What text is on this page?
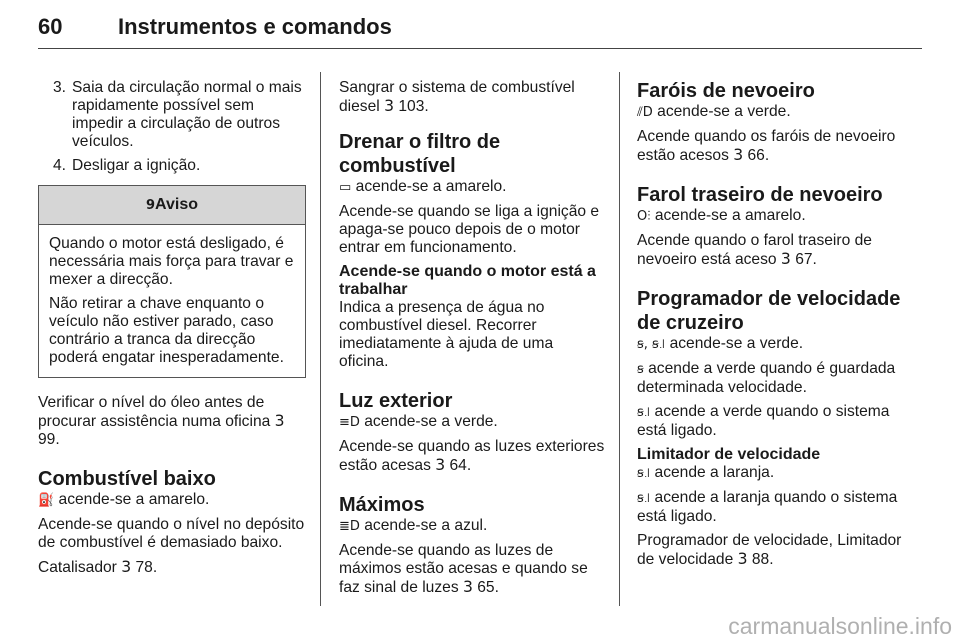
60	Instrumentos e comandos
3. Saia da circulação normal o mais rapidamente possível sem impedir a circulação de outros veículos.
4. Desligar a ignição.
9Aviso

Quando o motor está desligado, é necessária mais força para travar e mexer a direcção.

Não retirar a chave enquanto o veículo não estiver parado, caso contrário a tranca da direcção poderá engatar inesperadamente.

Verificar o nível do óleo antes de procurar assistência numa oficina 3 99.

Combustível baixo

⛽ acende-se a amarelo.

Acende-se quando o nível no depósito de combustível é demasiado baixo.

Catalisador 3 78.

Sangrar o sistema de combustível diesel 3 103.

Drenar o filtro de combustível

▭ acende-se a amarelo.

Acende-se quando se liga a ignição e apaga-se pouco depois de o motor entrar em funcionamento.

Acende-se quando o motor está a trabalhar

Indica a presença de água no combustível diesel. Recorrer imediatamente à ajuda de uma oficina.

Luz exterior

≡D acende-se a verde.

Acende-se quando as luzes exteriores estão acesas 3 64.

Máximos

≣D acende-se a azul.

Acende-se quando as luzes de máximos estão acesas e quando se faz sinal de luzes 3 65.

Faróis de nevoeiro

⫽D acende-se a verde.

Acende quando os faróis de nevoeiro estão acesos 3 66.

Farol traseiro de nevoeiro

O⫶ acende-se a amarelo.

Acende quando o farol traseiro de nevoeiro está aceso 3 67.

Programador de velocidade de cruzeiro

ꞩ, ꞩ꜌ acende-se a verde.

ꞩ acende a verde quando é guardada determinada velocidade.

ꞩ꜌ acende a verde quando o sistema está ligado.

Limitador de velocidade

ꞩ꜌ acende a laranja.

ꞩ꜌ acende a laranja quando o sistema está ligado.

Programador de velocidade, Limitador de velocidade 3 88.

carmanualsonline.info
